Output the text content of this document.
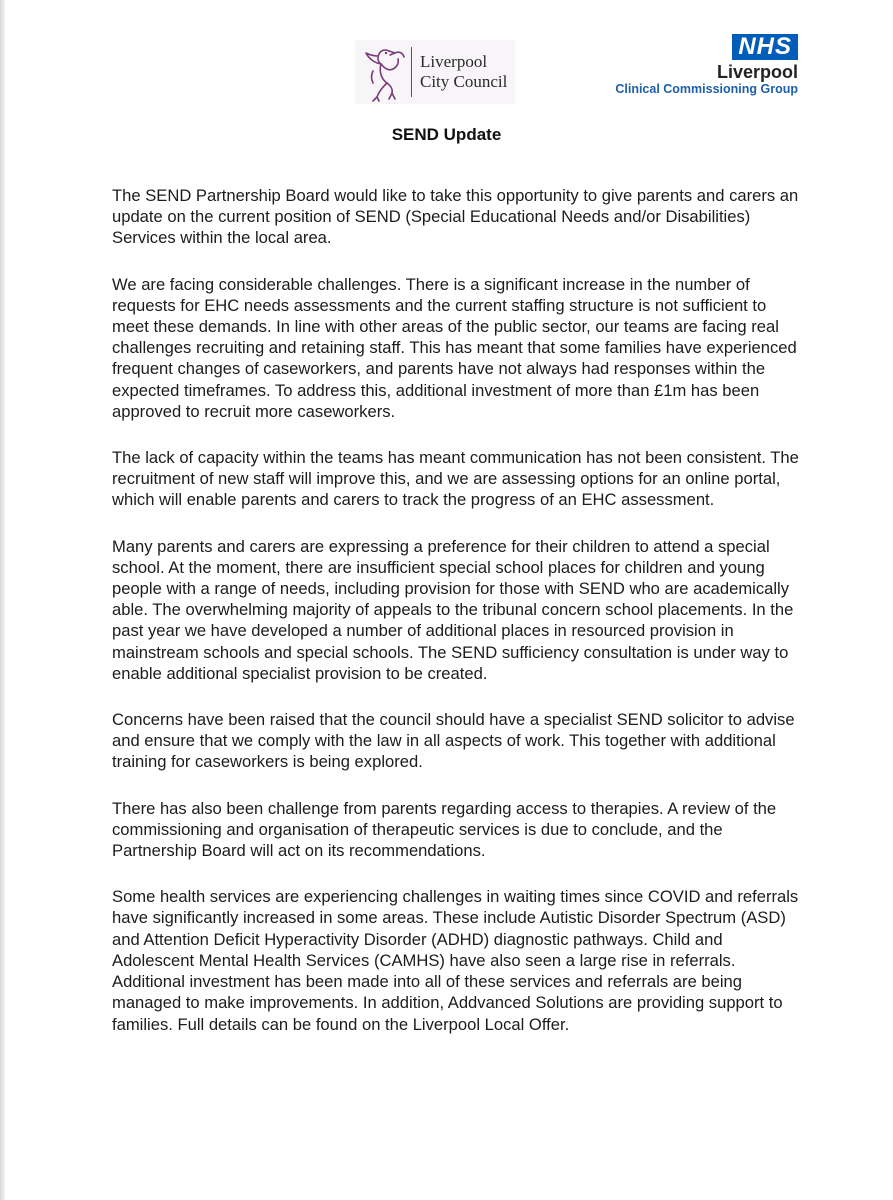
Liverpool
City Council
NHS
Liverpool
Clinical Commissioning Group
SEND Update

The SEND Partnership Board would like to take this opportunity to give parents and carers an update on the current position of SEND (Special Educational Needs and/or Disabilities) Services within the local area.

We are facing considerable challenges. There is a significant increase in the number of requests for EHC needs assessments and the current staffing structure is not sufficient to meet these demands. In line with other areas of the public sector, our teams are facing real challenges recruiting and retaining staff. This has meant that some families have experienced frequent changes of caseworkers, and parents have not always had responses within the expected timeframes. To address this, additional investment of more than £1m has been approved to recruit more caseworkers.

The lack of capacity within the teams has meant communication has not been consistent. The recruitment of new staff will improve this, and we are assessing options for an online portal, which will enable parents and carers to track the progress of an EHC assessment.

Many parents and carers are expressing a preference for their children to attend a special school. At the moment, there are insufficient special school places for children and young people with a range of needs, including provision for those with SEND who are academically able. The overwhelming majority of appeals to the tribunal concern school placements. In the past year we have developed a number of additional places in resourced provision in mainstream schools and special schools. The SEND sufficiency consultation is under way to enable additional specialist provision to be created.

Concerns have been raised that the council should have a specialist SEND solicitor to advise and ensure that we comply with the law in all aspects of work. This together with additional training for caseworkers is being explored.

There has also been challenge from parents regarding access to therapies. A review of the commissioning and organisation of therapeutic services is due to conclude, and the Partnership Board will act on its recommendations.

Some health services are experiencing challenges in waiting times since COVID and referrals have significantly increased in some areas. These include Autistic Disorder Spectrum (ASD) and Attention Deficit Hyperactivity Disorder (ADHD) diagnostic pathways. Child and Adolescent Mental Health Services (CAMHS) have also seen a large rise in referrals. Additional investment has been made into all of these services and referrals are being managed to make improvements. In addition, Addvanced Solutions are providing support to families. Full details can be found on the Liverpool Local Offer.
